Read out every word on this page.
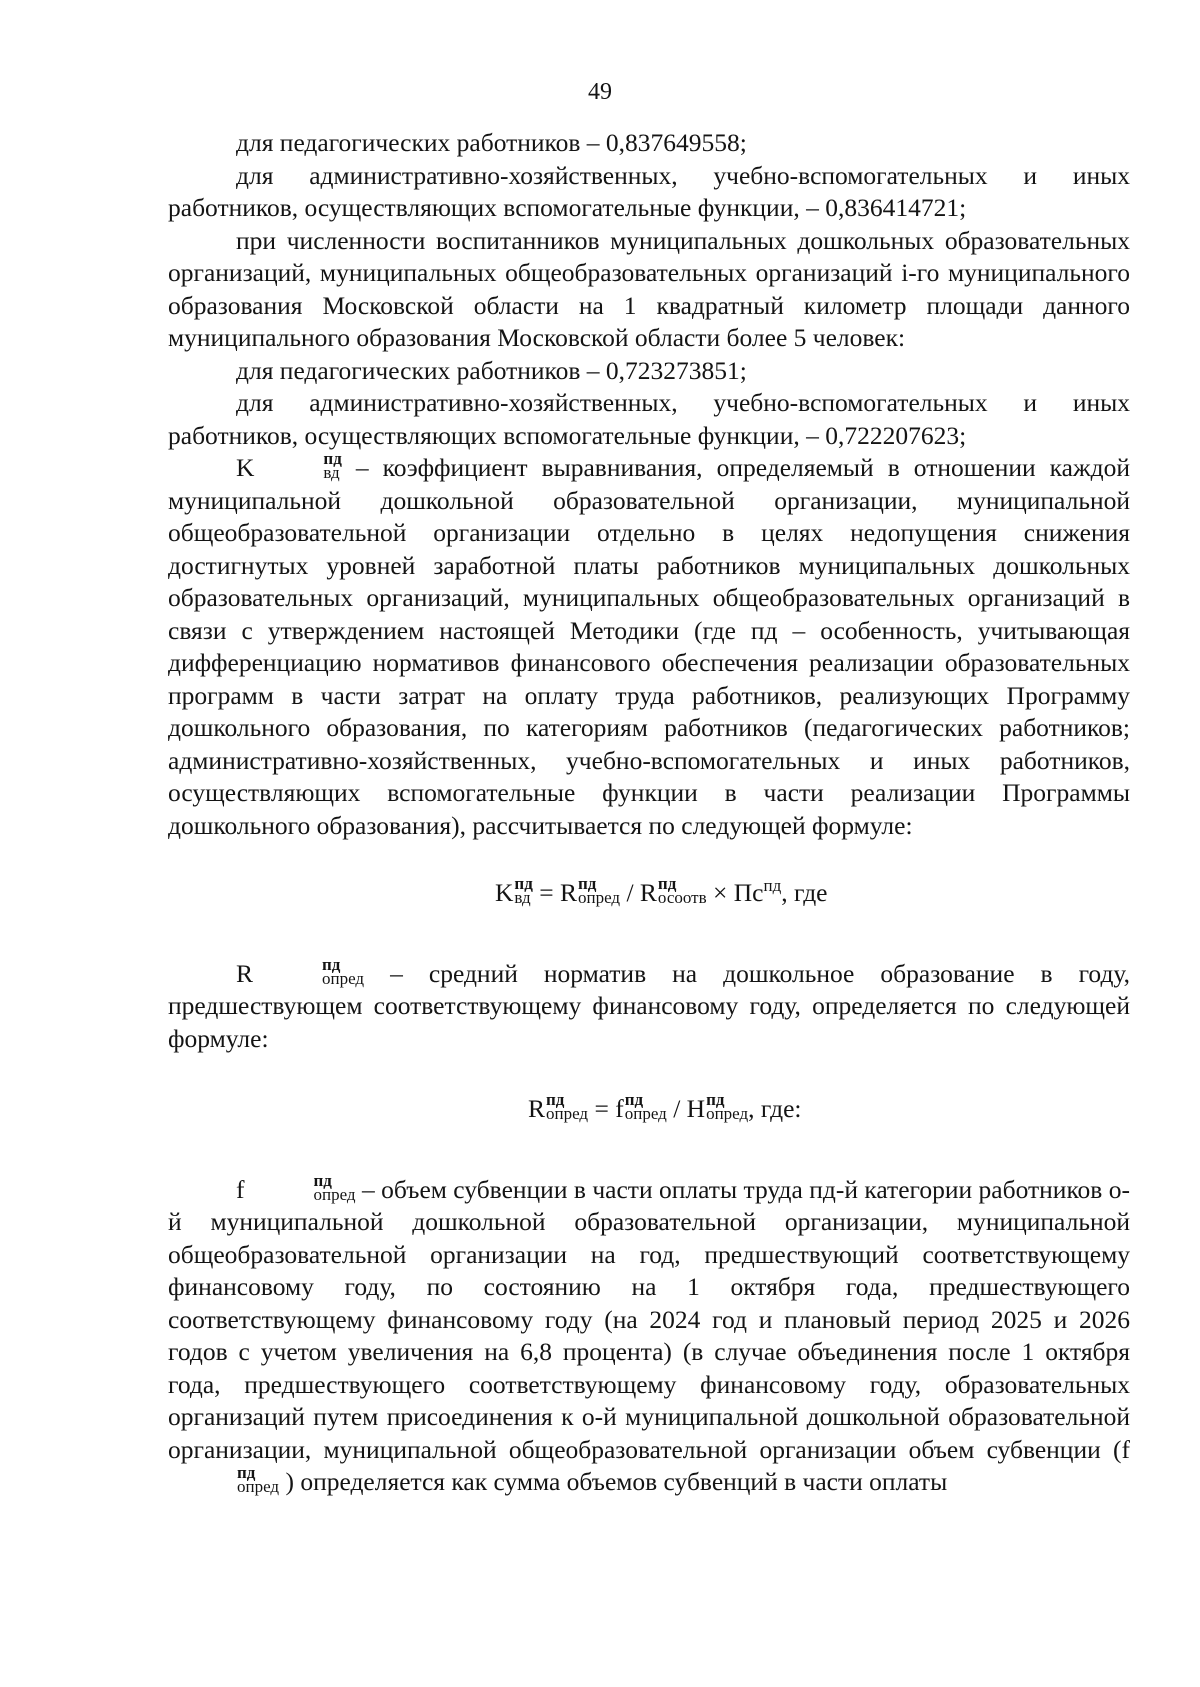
49

для педагогических работников – 0,837649558;

для административно-хозяйственных, учебно-вспомогательных и иных работников, осуществляющих вспомогательные функции, – 0,836414721;

при численности воспитанников муниципальных дошкольных образовательных организаций, муниципальных общеобразовательных организаций i-го муниципального образования Московской области на 1 квадратный километр площади данного муниципального образования Московской области более 5 человек:

для педагогических работников – 0,723273851;

для административно-хозяйственных, учебно-вспомогательных и иных работников, осуществляющих вспомогательные функции, – 0,722207623;

K	пд
вд – коэффициент выравнивания, определяемый в отношении каждой муниципальной дошкольной образовательной организации, муниципальной общеобразовательной организации отдельно в целях недопущения снижения достигнутых уровней заработной платы работников муниципальных дошкольных образовательных организаций, муниципальных общеобразовательных организаций в связи с утверждением настоящей Методики (где пд – особенность, учитывающая дифференциацию нормативов финансового обеспечения реализации образовательных программ в части затрат на оплату труда работников, реализующих Программу дошкольного образования, по категориям работников (педагогических работников; административно-хозяйственных, учебно-вспомогательных и иных работников, осуществляющих вспомогательные функции в части реализации Программы дошкольного образования), рассчитывается по следующей формуле:

K пд
вд = R пд
опред / R пд
осоотв × $Пс^{пд}$, где

R	пд
опред – средний норматив на дошкольное образование в году, предшествующем соответствующему финансовому году, определяется по следующей формуле:

R пд
опред = f пд
опред / Н пд
опред , где:

f	пд
опред – объем субвенции в части оплаты труда пд-й категории работников о-й муниципальной дошкольной образовательной организации, муниципальной общеобразовательной организации на год, предшествующий соответствующему финансовому году, по состоянию на 1 октября года, предшествующего соответствующему финансовому году (на 2024 год и плановый период 2025 и 2026 годов с учетом увеличения на 6,8 процента) (в случае объединения после 1 октября года, предшествующего соответствующему финансовому году, образовательных организаций путем присоединения к о-й муниципальной дошкольной образовательной организации, муниципальной общеобразовательной организации объем субвенции (f
пд
опред ) определяется как сумма объемов субвенций в части оплаты
